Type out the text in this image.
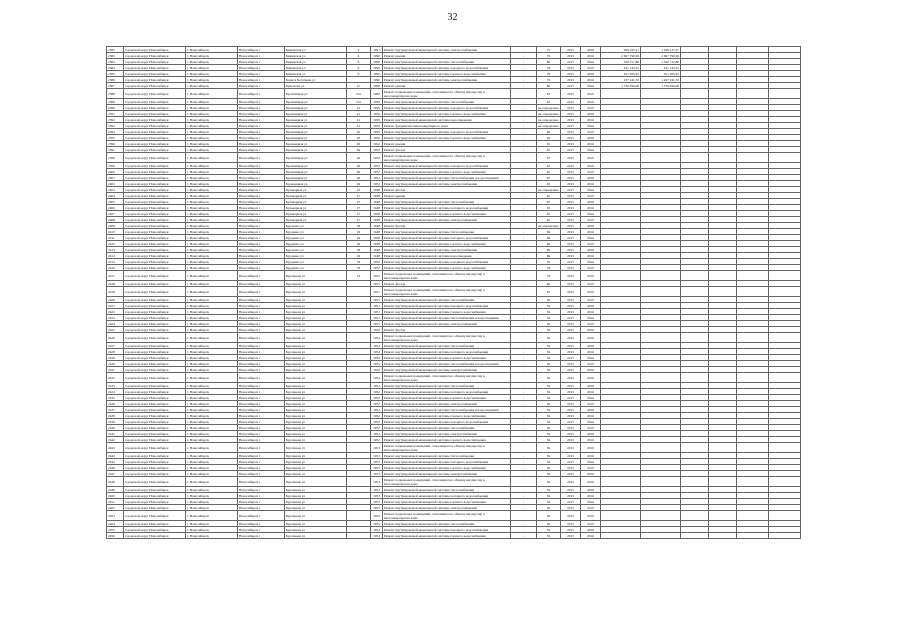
32
2381	городской округ Новосибирск	г. Новосибирск	Новосибирск г	Бижевская ул	4	1991	Ремонт внутридомовой инженерной системы электроснабжения	-	75	2015	2016	266 197,21	1 248 137,27				
2382	городской округ Новосибирск	г. Новосибирск	Новосибирск г	Бижевская ул	6	1990	Ремонт крыши	-	79	2015	2016	2 697 790,09	2 697 790,09				
2383	городской округ Новосибирск	г. Новосибирск	Новосибирск г	Бижевская ул	6	1990	Ремонт внутридомовой инженерной системы теплоснабжения	-	80	2015	2016	528 371,80	1 320 712,80				
2384	городской округ Новосибирск	г. Новосибирск	Новосибирск г	Бижевская ул	6	1990	Ремонт внутридомовой инженерной системы холодного водоснабжения	-	79	2015	2016	421 145,01	421 145,01				
2385	городской округ Новосибирск	г. Новосибирск	Новосибирск г	Бижевская ул	6	1990	Ремонт внутридомовой инженерной системы горячего водоснабжения	-	79	2015	2016	451 395,62	451 395,62				
2386	городской округ Новосибирск	г. Новосибирск	Новосибирск г	Бориса Богаткова ул		1990	Ремонт внутридомовой инженерной системы электроснабжения	-	79	2015	2016	237 241,53	1 297 241,53				
2387	городской округ Новосибирск	г. Новосибирск	Новосибирск г	Брюллова ул	27	1990	Ремонт крыши	-	80	2015	2016	1 756 490,06	1 756 490,06				
2388	городской округ Новосибирск	г. Новосибирск	Новосибирск г	Бронницкая ул	25а	1990	Ремонт подвальных помещений, относящихся к общему имуществу в многоквартирном доме		87	2015	2016						
2389	городской округ Новосибирск	г. Новосибирск	Новосибирск г	Бронницкая ул	25а	1959	Ремонт внутридомовой инженерной системы теплоснабжения	-	65	2015	2016						
2390	городской округ Новосибирск	г. Новосибирск	Новосибирск г	Бронницкая ул	41	1959	Ремонт внутридомовой инженерной системы холодного водоснабжения	-	не определено	2015	2016						
2391	городской округ Новосибирск	г. Новосибирск	Новосибирск г	Бронницкая ул	41	1959	Ремонт внутридомовой инженерной системы горячего водоснабжения	-	не определено	2015	2016						
2392	городской округ Новосибирск	г. Новосибирск	Новосибирск г	Бронницкая ул	41	1959	Ремонт внутридомовой инженерной системы водоотведения	-	не определено	2015	2016						
2393	городской округ Новосибирск	г. Новосибирск	Новосибирск г	Бронницкая ул	41	1959	Ремонт фундамента многоквартирного дома	-	не определено	2015	2016						
2394	городской округ Новосибирск	г. Новосибирск	Новосибирск г	Бронницкая ул	45	1956	Ремонт внутридомовой инженерной системы холодного водоснабжения	-	69	2015	2016						
2395	городской округ Новосибирск	г. Новосибирск	Новосибирск г	Бронницкая ул	45	1956	Ремонт внутридомовой инженерной системы горячего водоснабжения	-	69	2015	2016						
2396	городской округ Новосибирск	г. Новосибирск	Новосибирск г	Бронницкая ул	49	1952	Ремонт крыши	-	65	2015	2016						
2397	городской округ Новосибирск	г. Новосибирск	Новосибирск г	Бронницкая ул	49	1952	Ремонт фасада	-	65	2015	2016						
2398	городской округ Новосибирск	г. Новосибирск	Новосибирск г	Бронницкая ул	49	1952	Ремонт подвальных помещений, относящихся к общему имуществу в многоквартирном доме		67	2015	2016						
2399	городской округ Новосибирск	г. Новосибирск	Новосибирск г	Бронницкая ул	49	1952	Ремонт внутридомовой инженерной системы холодного водоснабжения	-	65	2015	2016						
2400	городской округ Новосибирск	г. Новосибирск	Новосибирск г	Бронницкая ул	49	1952	Ремонт внутридомовой инженерной системы горячего водоснабжения	-	65	2015	2016						
2401	городской округ Новосибирск	г. Новосибирск	Новосибирск г	Бронницкая ул	49	1952	Ремонт внутридомовой инженерной системы теплоснабжения и водоотведения	-	65	2015	2016						
2402	городской округ Новосибирск	г. Новосибирск	Новосибирск г	Бронницкая ул	49	1952	Ремонт внутридомовой инженерной системы электроснабжения	-	65	2015	2016						
2403	городской округ Новосибирск	г. Новосибирск	Новосибирск г	Бульварная ул	25	1948	Ремонт фасада	-	не определено	2015	2016						
2404	городской округ Новосибирск	г. Новосибирск	Новосибирск г	Бульварная ул	27	1948	Ремонт крыши	-	65	2015	2016						
2405	городской округ Новосибирск	г. Новосибирск	Новосибирск г	Бульварная ул	27	1948	Ремонт внутридомовой инженерной системы теплоснабжения	-	65	2015	2016						
2406	городской округ Новосибирск	г. Новосибирск	Новосибирск г	Бульварная ул	27	1948	Ремонт внутридомовой инженерной системы холодного водоснабжения	-	65	2015	2016						
2407	городской округ Новосибирск	г. Новосибирск	Новосибирск г	Бульварная ул	27	1948	Ремонт внутридомовой инженерной системы горячего водоснабжения	-	65	2015	2016						
2408	городской округ Новосибирск	г. Новосибирск	Новосибирск г	Бульварная ул	27	1948	Ремонт внутридомовой инженерной системы электроснабжения	-	65	2015	2016						
2409	городской округ Новосибирск	г. Новосибирск	Новосибирск г	Бурденко ул	29	1948	Ремонт фасада	-	не определено	2015	2016						
2410	городской округ Новосибирск	г. Новосибирск	Новосибирск г	Бурденко ул	29	1948	Ремонт внутридомовой инженерной системы теплоснабжения	-	69	2015	2016						
2411	городской округ Новосибирск	г. Новосибирск	Новосибирск г	Бурденко ул	29	1948	Ремонт внутридомовой инженерной системы холодного водоснабжения	-	69	2015	2016						
2412	городской округ Новосибирск	г. Новосибирск	Новосибирск г	Бурденко ул	29	1948	Ремонт внутридомовой инженерной системы горячего водоснабжения	-	69	2015	2016						
2413	городской округ Новосибирск	г. Новосибирск	Новосибирск г	Бурденко ул	29	1948	Ремонт внутридомовой инженерной системы электроснабжения	-	69	2015	2016						
2414	городской округ Новосибирск	г. Новосибирск	Новосибирск г	Бурденко ул	29	1948	Ремонт внутридомовой инженерной системы водоотведения	-	69	2015	2016						
2415	городской округ Новосибирск	г. Новосибирск	Новосибирск г	Бурденко ул	76	1952	Ремонт внутридомовой инженерной системы холодного водоснабжения	-	79	2015	2016						
2416	городской округ Новосибирск	г. Новосибирск	Новосибирск г	Бурденко ул	76	1952	Ремонт внутридомовой инженерной системы горячего водоснабжения	-	79	2015	2016						
2417	городской округ Новосибирск	г. Новосибирск	Новосибирск г	Бурлацкая ул	14	1952	Ремонт подвальных помещений, относящихся к общему имуществу в многоквартирном доме		79	2015	2016						
2418	городской округ Новосибирск	г. Новосибирск	Новосибирск г	Бурлацкая ул		1951	Ремонт фасада	-	80	2015	2016						
2419	городской округ Новосибирск	г. Новосибирск	Новосибирск г	Бурлацкая ул		1951	Ремонт подвальных помещений, относящихся к общему имуществу в многоквартирном доме		87	2015	2016						
2420	городской округ Новосибирск	г. Новосибирск	Новосибирск г	Бурлацкая ул		1951	Ремонт внутридомовой инженерной системы теплоснабжения	-	59	2015	2016						
2421	городской округ Новосибирск	г. Новосибирск	Новосибирск г	Бурлацкая ул		1951	Ремонт внутридомовой инженерной системы холодного водоснабжения	-	59	2015	2016						
2422	городской округ Новосибирск	г. Новосибирск	Новосибирск г	Бурлацкая ул		1951	Ремонт внутридомовой инженерной системы горячего водоснабжения	-	59	2015	2016						
2423	городской округ Новосибирск	г. Новосибирск	Новосибирск г	Бурлацкая ул		1951	Ремонт внутридомовой инженерной системы теплоснабжения и водоотведения	-	59	2015	2016						
2424	городской округ Новосибирск	г. Новосибирск	Новосибирск г	Бурлацкая ул		1951	Ремонт внутридомовой инженерной системы электроснабжения	-	59	2015	2016						
2425	городской округ Новосибирск	г. Новосибирск	Новосибирск г	Бурлацкая ул		1954	Ремонт фасада	-	59	2015	2016						
2426	городской округ Новосибирск	г. Новосибирск	Новосибирск г	Бурлацкая ул		1954	Ремонт подвальных помещений, относящихся к общему имуществу в многоквартирном доме		59	2015	2016						
2427	городской округ Новосибирск	г. Новосибирск	Новосибирск г	Бурлацкая ул		1954	Ремонт внутридомовой инженерной системы теплоснабжения	-	59	2015	2016						
2428	городской округ Новосибирск	г. Новосибирск	Новосибирск г	Бурлацкая ул		1954	Ремонт внутридомовой инженерной системы холодного водоснабжения	-	59	2015	2016						
2429	городской округ Новосибирск	г. Новосибирск	Новосибирск г	Бурлацкая ул		1954	Ремонт внутридомовой инженерной системы горячего водоснабжения	-	59	2015	2016						
2430	городской округ Новосибирск	г. Новосибирск	Новосибирск г	Бурлацкая ул		1954	Ремонт внутридомовой инженерной системы теплоснабжения и водоотведения	-	59	2015	2016						
2431	городской округ Новосибирск	г. Новосибирск	Новосибирск г	Бурлацкая ул		1954	Ремонт внутридомовой инженерной системы электроснабжения	-	59	2015	2016						
2432	городской округ Новосибирск	г. Новосибирск	Новосибирск г	Бурлацкая ул		1954	Ремонт подвальных помещений, относящихся к общему имуществу в многоквартирном доме		59	2015	2016						
2433	городской округ Новосибирск	г. Новосибирск	Новосибирск г	Бурлацкая ул		1952	Ремонт внутридомовой инженерной системы теплоснабжения	-	59	2015	2016						
2434	городской округ Новосибирск	г. Новосибирск	Новосибирск г	Бурлацкая ул		1952	Ремонт внутридомовой инженерной системы холодного водоснабжения	-	59	2015	2016						
2435	городской округ Новосибирск	г. Новосибирск	Новосибирск г	Бурлацкая ул		1952	Ремонт внутридомовой инженерной системы горячего водоснабжения	-	59	2015	2016						
2436	городской округ Новосибирск	г. Новосибирск	Новосибирск г	Бурлацкая ул		1952	Ремонт внутридомовой инженерной системы электроснабжения	-	59	2015	2016						
2437	городской округ Новосибирск	г. Новосибирск	Новосибирск г	Бурлацкая ул		1952	Ремонт внутридомовой инженерной системы теплоснабжения и водоотведения	-	59	2015	2016						
2438	городской округ Новосибирск	г. Новосибирск	Новосибирск г	Бурлацкая ул		1952	Ремонт внутридомовой инженерной системы горячего водоснабжения	-	59	2015	2016						
2439	городской округ Новосибирск	г. Новосибирск	Новосибирск г	Бурлацкая ул		1952	Ремонт внутридомовой инженерной системы холодного водоснабжения	-	59	2015	2016						
2440	городской округ Новосибирск	г. Новосибирск	Новосибирск г	Бурлацкая ул		1952	Ремонт внутридомовой инженерной системы теплоснабжения	-	59	2015	2016						
2441	городской округ Новосибирск	г. Новосибирск	Новосибирск г	Бурлацкая ул		1952	Ремонт внутридомовой инженерной системы электроснабжения	-	59	2015	2016						
2442	городской округ Новосибирск	г. Новосибирск	Новосибирск г	Бурлацкая ул		1952	Ремонт внутридомовой инженерной системы горячего водоснабжения	-	59	2015	2016						
2443	городской округ Новосибирск	г. Новосибирск	Новосибирск г	Бурлацкая ул		1953	Ремонт подвальных помещений, относящихся к общему имуществу в многоквартирном доме		59	2015	2016						
2444	городской округ Новосибирск	г. Новосибирск	Новосибирск г	Бурлацкая ул		1953	Ремонт внутридомовой инженерной системы теплоснабжения	-	59	2015	2016						
2445	городской округ Новосибирск	г. Новосибирск	Новосибирск г	Бурлацкая ул		1953	Ремонт внутридомовой инженерной системы холодного водоснабжения	-	59	2015	2016						
2446	городской округ Новосибирск	г. Новосибирск	Новосибирск г	Бурлацкая ул		1953	Ремонт внутридомовой инженерной системы горячего водоснабжения	-	59	2015	2016						
2447	городской округ Новосибирск	г. Новосибирск	Новосибирск г	Бурлацкая ул		1953	Ремонт внутридомовой инженерной системы электроснабжения	-	59	2015	2016						
2448	городской округ Новосибирск	г. Новосибирск	Новосибирск г	Бурлацкая ул		1953	Ремонт подвальных помещений, относящихся к общему имуществу в многоквартирном доме		59	2015	2016						
2449	городской округ Новосибирск	г. Новосибирск	Новосибирск г	Бурлацкая ул		1953	Ремонт внутридомовой инженерной системы теплоснабжения	-	59	2015	2016						
2450	городской округ Новосибирск	г. Новосибирск	Новосибирск г	Бурлацкая ул		1953	Ремонт внутридомовой инженерной системы холодного водоснабжения	-	59	2015	2016						
2451	городской округ Новосибирск	г. Новосибирск	Новосибирск г	Бурлацкая ул		1953	Ремонт внутридомовой инженерной системы горячего водоснабжения	-	59	2015	2016						
2452	городской округ Новосибирск	г. Новосибирск	Новосибирск г	Бурлацкая ул		1953	Ремонт внутридомовой инженерной системы электроснабжения	-	59	2015	2016						
2453	городской округ Новосибирск	г. Новосибирск	Новосибирск г	Бурлацкая ул		1954	Ремонт подвальных помещений, относящихся к общему имуществу в многоквартирном доме		59	2015	2016						
2454	городской округ Новосибирск	г. Новосибирск	Новосибирск г	Бурлацкая ул		1954	Ремонт внутридомовой инженерной системы теплоснабжения	-	59	2015	2016						
2455	городской округ Новосибирск	г. Новосибирск	Новосибирск г	Бурлацкая ул		1954	Ремонт внутридомовой инженерной системы холодного водоснабжения	-	59	2015	2016						
2456	городской округ Новосибирск	г. Новосибирск	Новосибирск г	Бурлацкая ул		1954	Ремонт внутридомовой инженерной системы горячего водоснабжения	-	59	2015	2016						
